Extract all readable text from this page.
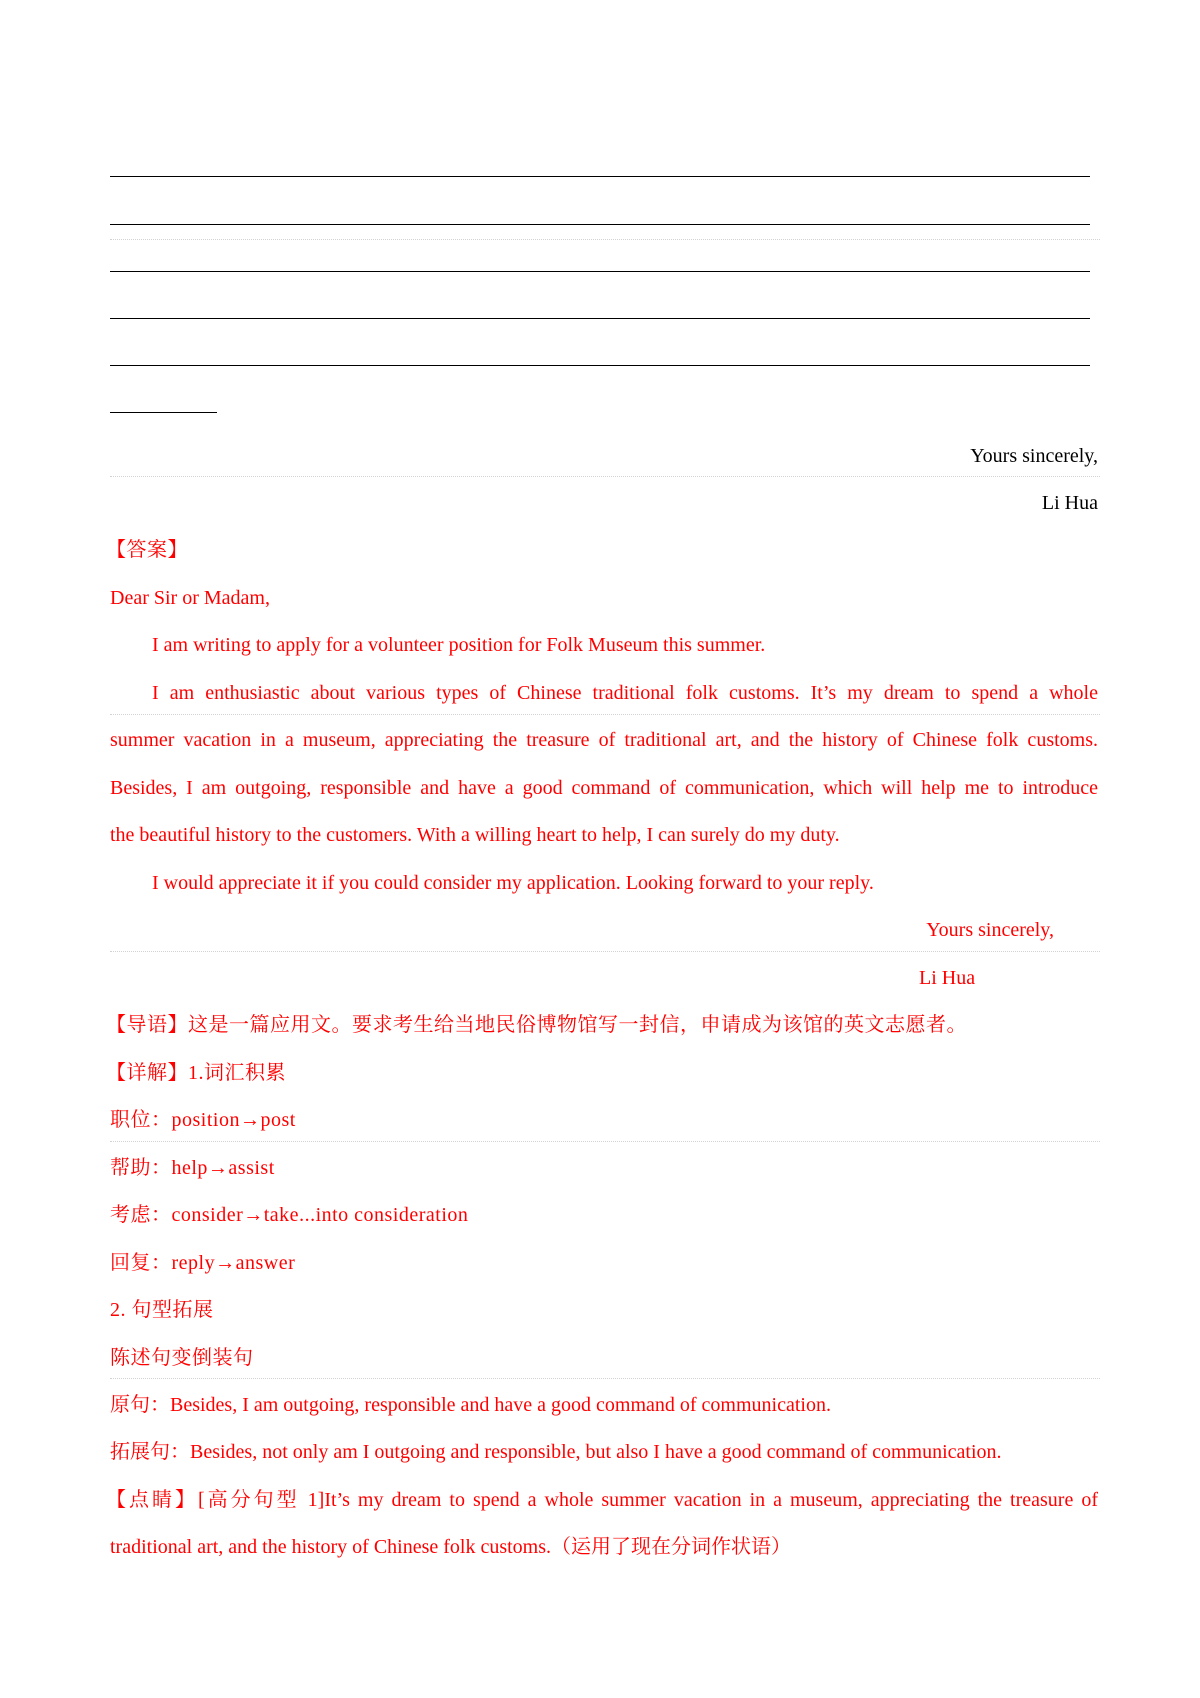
Yours sincerely,
Li Hua
【答案】
Dear Sir or Madam,
I am writing to apply for a volunteer position for Folk Museum this summer.
I am enthusiastic about various types of Chinese traditional folk customs. It’s my dream to spend a whole
summer vacation in a museum, appreciating the treasure of traditional art, and the history of Chinese folk customs.
Besides, I am outgoing, responsible and have a good command of communication, which will help me to introduce
the beautiful history to the customers. With a willing heart to help, I can surely do my duty.
I would appreciate it if you could consider my application. Looking forward to your reply.
Yours sincerely,
Li Hua
【导语】这是一篇应用文。要求考生给当地民俗博物馆写一封信，申请成为该馆的英文志愿者。
【详解】1.词汇积累
职位：position→post
帮助：help→assist
考虑：consider→take...into consideration
回复：reply→answer
2. 句型拓展
陈述句变倒装句
原句：Besides, I am outgoing, responsible and have a good command of communication.
拓展句：Besides, not only am I outgoing and responsible, but also I have a good command of communication.
【点睛】[高分句型 1]It’s my dream to spend a whole summer vacation in a museum, appreciating the treasure of
traditional art, and the history of Chinese folk customs.（运用了现在分词作状语）
